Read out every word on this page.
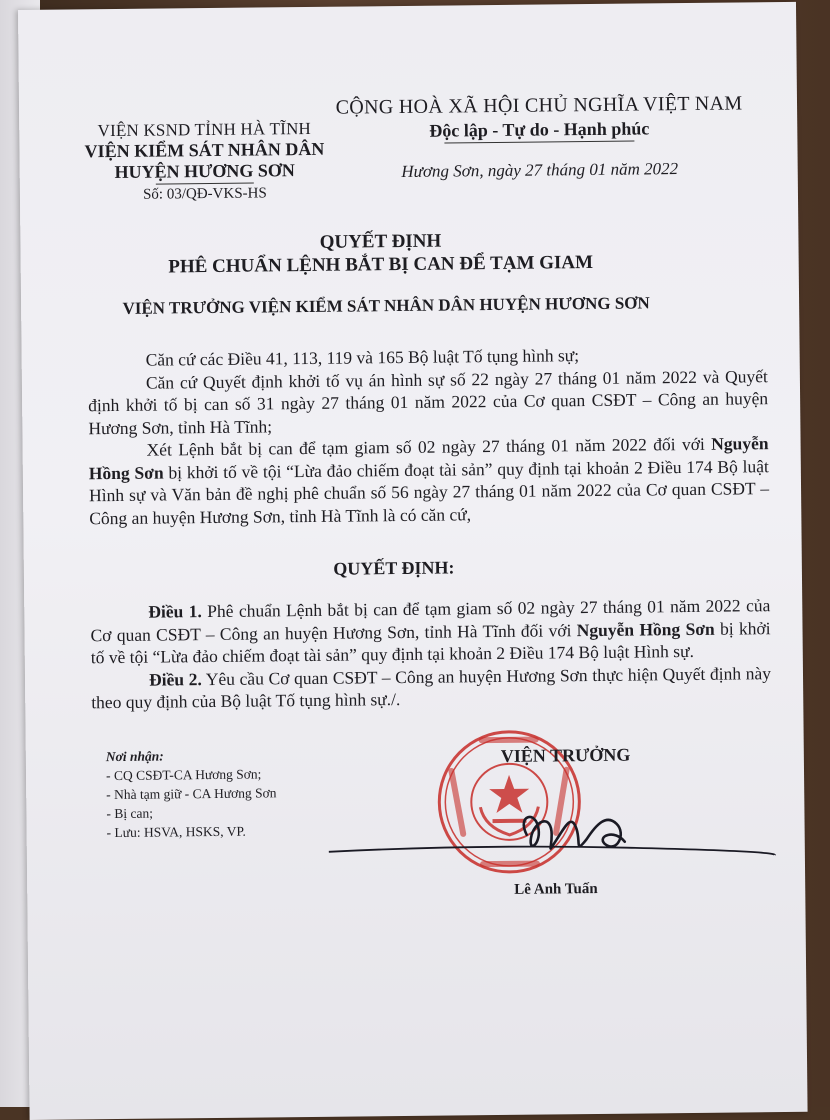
VIỆN KSND TỈNH HÀ TĨNH
VIỆN KIỂM SÁT NHÂN DÂN
HUYỆN HƯƠNG SƠN
Số: 03/QĐ-VKS-HS
CỘNG HOÀ XÃ HỘI CHỦ NGHĨA VIỆT NAM
Độc lập - Tự do - Hạnh phúc
Hương Sơn, ngày 27 tháng 01 năm 2022
QUYẾT ĐỊNH
PHÊ CHUẨN LỆNH BẮT BỊ CAN ĐỂ TẠM GIAM
VIỆN TRƯỞNG VIỆN KIỂM SÁT NHÂN DÂN HUYỆN HƯƠNG SƠN

Căn cứ các Điều 41, 113, 119 và 165 Bộ luật Tố tụng hình sự;

Căn cứ Quyết định khởi tố vụ án hình sự số 22 ngày 27 tháng 01 năm 2022 và Quyết định khởi tố bị can số 31 ngày 27 tháng 01 năm 2022 của Cơ quan CSĐT – Công an huyện Hương Sơn, tỉnh Hà Tĩnh;

Xét Lệnh bắt bị can để tạm giam số 02 ngày 27 tháng 01 năm 2022 đối với Nguyễn Hồng Sơn bị khởi tố về tội “Lừa đảo chiếm đoạt tài sản” quy định tại khoản 2 Điều 174 Bộ luật Hình sự và Văn bản đề nghị phê chuẩn số 56 ngày 27 tháng 01 năm 2022 của Cơ quan CSĐT – Công an huyện Hương Sơn, tỉnh Hà Tĩnh là có căn cứ,

QUYẾT ĐỊNH:

Điều 1. Phê chuẩn Lệnh bắt bị can để tạm giam số 02 ngày 27 tháng 01 năm 2022 của Cơ quan CSĐT – Công an huyện Hương Sơn, tỉnh Hà Tĩnh đối với Nguyễn Hồng Sơn bị khởi tố về tội “Lừa đảo chiếm đoạt tài sản” quy định tại khoản 2 Điều 174 Bộ luật Hình sự.

Điều 2. Yêu cầu Cơ quan CSĐT – Công an huyện Hương Sơn thực hiện Quyết định này theo quy định của Bộ luật Tố tụng hình sự./.

Nơi nhận:
- CQ CSĐT-CA Hương Sơn;
- Nhà tạm giữ - CA Hương Sơn
- Bị can;
- Lưu: HSVA, HSKS, VP.
VIỆN TRƯỞNG
Lê Anh Tuấn
